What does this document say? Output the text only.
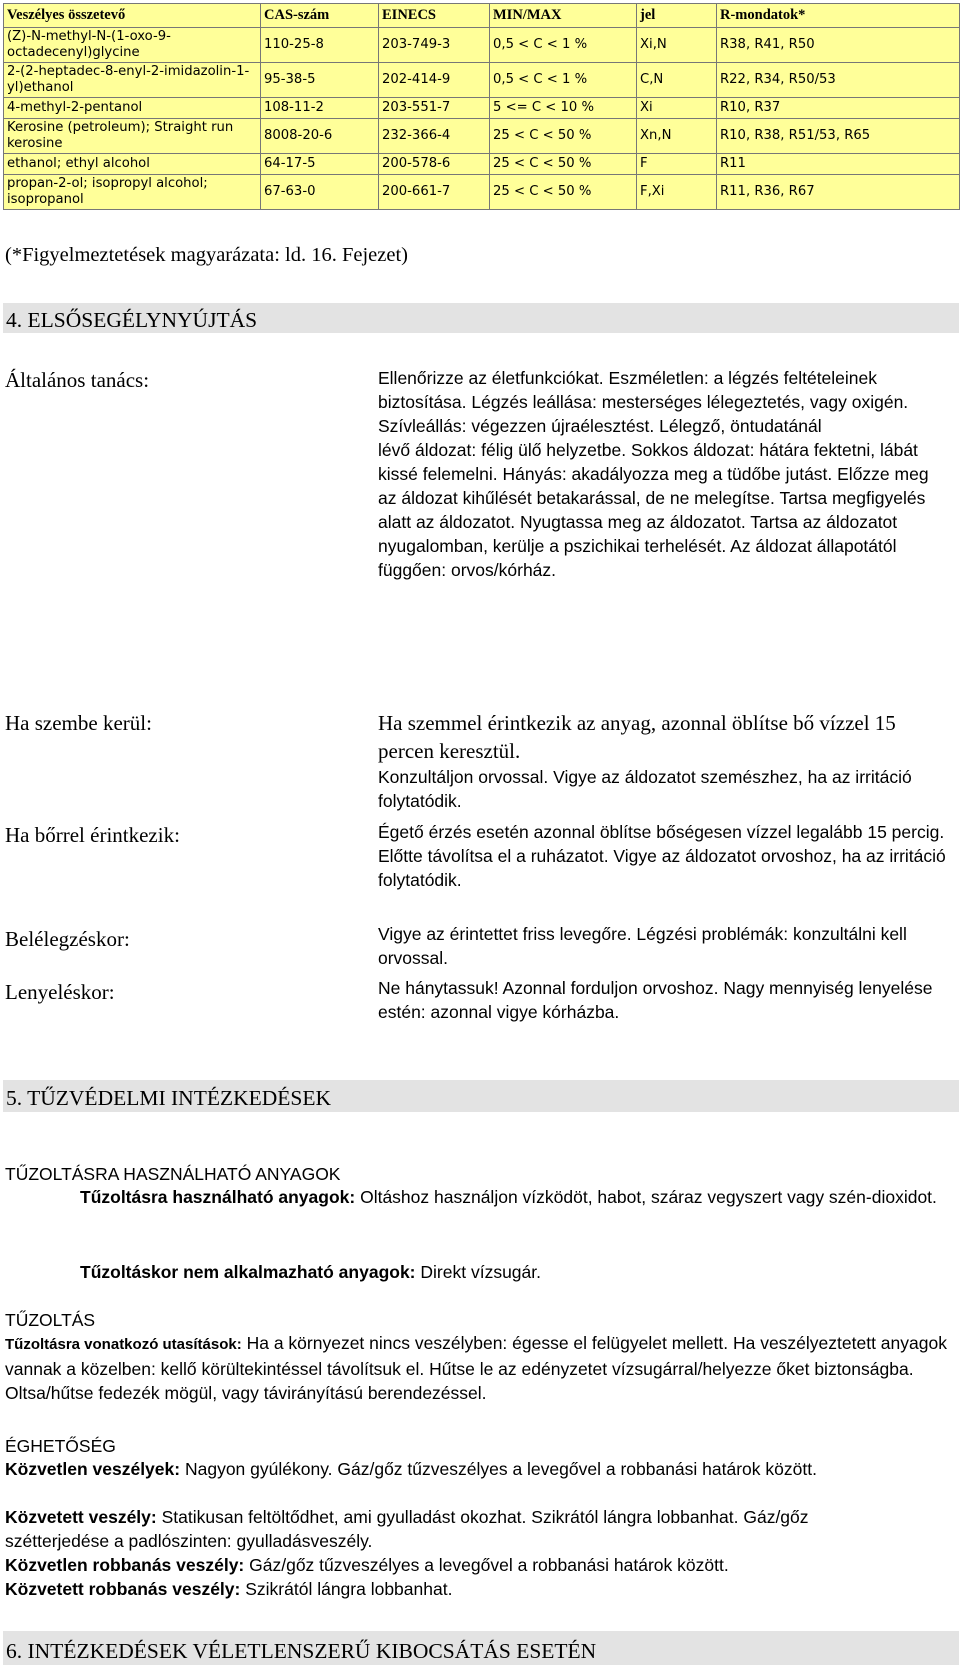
Veszélyes összetevő	CAS-szám	EINECS	MIN/MAX	jel	R-mondatok*
(Z)-N-methyl-N-(1-oxo-9-octadecenyl)glycine	110-25-8	203-749-3	0,5 < C < 1 %	Xi,N	R38, R41, R50
2-(2-heptadec-8-enyl-2-imidazolin-1-yl)ethanol	95-38-5	202-414-9	0,5 < C < 1 %	C,N	R22, R34, R50/53
4-methyl-2-pentanol	108-11-2	203-551-7	5 <= C < 10 %	Xi	R10, R37
Kerosine (petroleum); Straight run kerosine	8008-20-6	232-366-4	25 < C < 50 %	Xn,N	R10, R38, R51/53, R65
ethanol; ethyl alcohol	64-17-5	200-578-6	25 < C < 50 %	F	R11
propan-2-ol; isopropyl alcohol; isopropanol	67-63-0	200-661-7	25 < C < 50 %	F,Xi	R11, R36, R67
(*Figyelmeztetések magyarázata: ld. 16. Fejezet)
4. ELSŐSEGÉLYNYÚJTÁS
Általános tanács:	Ellenőrizze az életfunkciókat. Eszméletlen: a légzés feltételeinek biztosítása. Légzés leállása: mesterséges lélegeztetés, vagy oxigén. Szívleállás: végezzen újraélesztést. Lélegző, öntudatánál
lévő áldozat: félig ülő helyzetbe. Sokkos áldozat: hátára fektetni, lábát kissé felemelni. Hányás: akadályozza meg a tüdőbe jutást. Előzze meg az áldozat kihűlését betakarással, de ne melegítse. Tartsa megfigyelés alatt az áldozatot. Nyugtassa meg az áldozatot. Tartsa az áldozatot nyugalomban, kerülje a pszichikai terhelését. Az áldozat állapotától függően: orvos/kórház.
Ha szembe kerül:	Ha szemmel érintkezik az anyag, azonnal öblítse bő vízzel 15 percen keresztül.
Konzultáljon orvossal. Vigye az áldozatot szemészhez, ha az irritáció folytatódik.
Ha bőrrel érintkezik:	Égető érzés esetén azonnal öblítse bőségesen vízzel legalább 15 percig. Előtte távolítsa el a ruházatot. Vigye az áldozatot orvoshoz, ha az irritáció folytatódik.
Belélegzéskor:	Vigye az érintettet friss levegőre. Légzési problémák: konzultálni kell orvossal.
Lenyeléskor:	Ne hánytassuk! Azonnal forduljon orvoshoz. Nagy mennyiség lenyelése estén: azonnal vigye kórházba.
5. TŰZVÉDELMI INTÉZKEDÉSEK
TŰZOLTÁSRA HASZNÁLHATÓ ANYAGOK
Tűzoltásra használható anyagok: Oltáshoz használjon vízködöt, habot, száraz vegyszert vagy szén-dioxidot.
Tűzoltáskor nem alkalmazható anyagok: Direkt vízsugár.
TŰZOLTÁS
Tűzoltásra vonatkozó utasítások: Ha a környezet nincs veszélyben: égesse el felügyelet mellett. Ha veszélyeztetett anyagok vannak a közelben: kellő körültekintéssel távolítsuk el. Hűtse le az edényzetet vízsugárral/helyezze őket biztonságba. Oltsa/hűtse fedezék mögül, vagy távirányítású berendezéssel.
ÉGHETŐSÉG
Közvetlen veszélyek: Nagyon gyúlékony. Gáz/gőz tűzveszélyes a levegővel a robbanási határok között.
Közvetett veszély: Statikusan feltöltődhet, ami gyulladást okozhat. Szikrától lángra lobbanhat. Gáz/gőz szétterjedése a padlószinten: gyulladásveszély.
Közvetlen robbanás veszély: Gáz/gőz tűzveszélyes a levegővel a robbanási határok között.
Közvetett robbanás veszély: Szikrától lángra lobbanhat.
6. INTÉZKEDÉSEK VÉLETLENSZERŰ KIBOCSÁTÁS ESETÉN
